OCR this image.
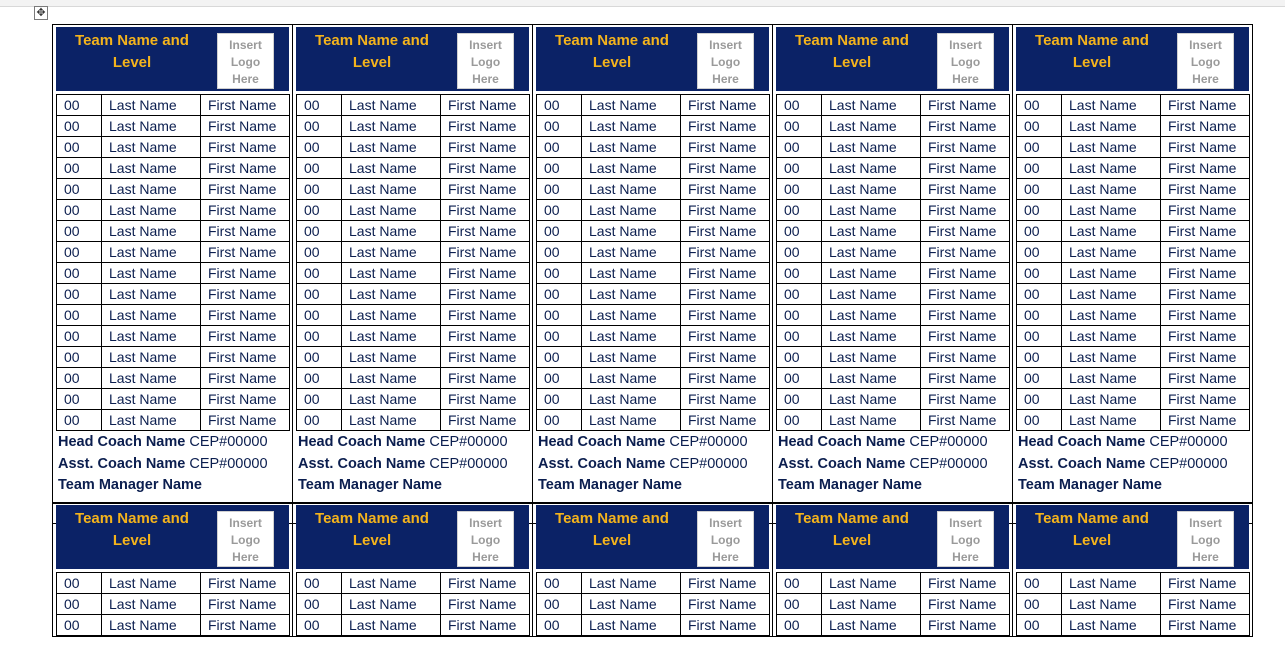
✥
Team Name and
Level
Insert
Logo
Here
00	Last Name	First Name
00	Last Name	First Name
00	Last Name	First Name
00	Last Name	First Name
00	Last Name	First Name
00	Last Name	First Name
00	Last Name	First Name
00	Last Name	First Name
00	Last Name	First Name
00	Last Name	First Name
00	Last Name	First Name
00	Last Name	First Name
00	Last Name	First Name
00	Last Name	First Name
00	Last Name	First Name
00	Last Name	First Name
Head Coach Name CEP#00000
Asst. Coach Name CEP#00000
Team Manager Name
Team Name and
Level
Insert
Logo
Here
00	Last Name	First Name
00	Last Name	First Name
00	Last Name	First Name
00	Last Name	First Name
00	Last Name	First Name
00	Last Name	First Name
00	Last Name	First Name
00	Last Name	First Name
00	Last Name	First Name
00	Last Name	First Name
00	Last Name	First Name
00	Last Name	First Name
00	Last Name	First Name
00	Last Name	First Name
00	Last Name	First Name
00	Last Name	First Name
Head Coach Name CEP#00000
Asst. Coach Name CEP#00000
Team Manager Name
Team Name and
Level
Insert
Logo
Here
00	Last Name	First Name
00	Last Name	First Name
00	Last Name	First Name
00	Last Name	First Name
00	Last Name	First Name
00	Last Name	First Name
00	Last Name	First Name
00	Last Name	First Name
00	Last Name	First Name
00	Last Name	First Name
00	Last Name	First Name
00	Last Name	First Name
00	Last Name	First Name
00	Last Name	First Name
00	Last Name	First Name
00	Last Name	First Name
Head Coach Name CEP#00000
Asst. Coach Name CEP#00000
Team Manager Name
Team Name and
Level
Insert
Logo
Here
00	Last Name	First Name
00	Last Name	First Name
00	Last Name	First Name
00	Last Name	First Name
00	Last Name	First Name
00	Last Name	First Name
00	Last Name	First Name
00	Last Name	First Name
00	Last Name	First Name
00	Last Name	First Name
00	Last Name	First Name
00	Last Name	First Name
00	Last Name	First Name
00	Last Name	First Name
00	Last Name	First Name
00	Last Name	First Name
Head Coach Name CEP#00000
Asst. Coach Name CEP#00000
Team Manager Name
Team Name and
Level
Insert
Logo
Here
00	Last Name	First Name
00	Last Name	First Name
00	Last Name	First Name
00	Last Name	First Name
00	Last Name	First Name
00	Last Name	First Name
00	Last Name	First Name
00	Last Name	First Name
00	Last Name	First Name
00	Last Name	First Name
00	Last Name	First Name
00	Last Name	First Name
00	Last Name	First Name
00	Last Name	First Name
00	Last Name	First Name
00	Last Name	First Name
Head Coach Name CEP#00000
Asst. Coach Name CEP#00000
Team Manager Name
Team Name and
Level
Insert
Logo
Here
00	Last Name	First Name
00	Last Name	First Name
00	Last Name	First Name
Team Name and
Level
Insert
Logo
Here
00	Last Name	First Name
00	Last Name	First Name
00	Last Name	First Name
Team Name and
Level
Insert
Logo
Here
00	Last Name	First Name
00	Last Name	First Name
00	Last Name	First Name
Team Name and
Level
Insert
Logo
Here
00	Last Name	First Name
00	Last Name	First Name
00	Last Name	First Name
Team Name and
Level
Insert
Logo
Here
00	Last Name	First Name
00	Last Name	First Name
00	Last Name	First Name
